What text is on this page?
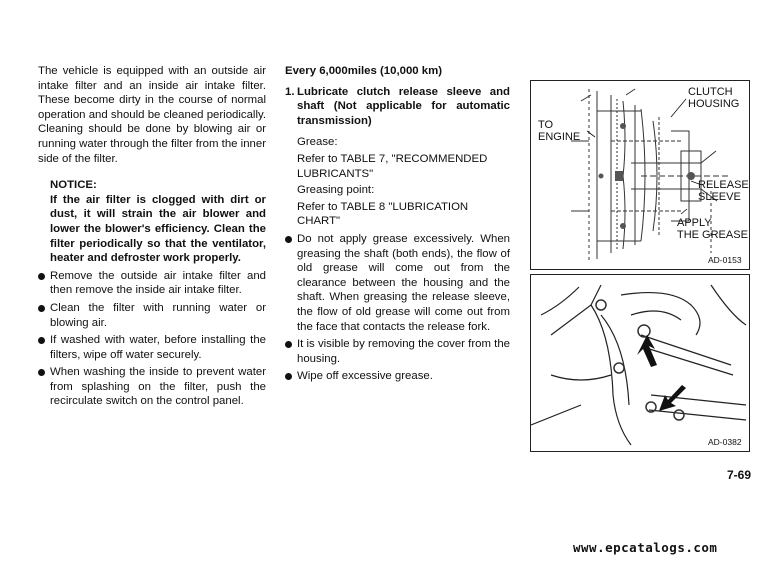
The vehicle is equipped with an outside air intake filter and an inside air intake filter. These become dirty in the course of normal operation and should be cleaned periodically. Cleaning should be done by blowing air or running water through the filter from the inner side of the filter.

NOTICE:

If the air filter is clogged with dirt or dust, it will strain the air blower and lower the blower's efficiency. Clean the filter periodically so that the ventilator, heater and defroster work properly.

Remove the outside air intake filter and then remove the inside air intake filter.
Clean the filter with running water or blowing air.
If washed with water, before installing the filters, wipe off water securely.
When washing the inside to prevent water from splashing on the filter, push the recirculate switch on the control panel.

Every 6,000miles (10,000 km)

1. Lubricate clutch release sleeve and shaft (Not applicable for automatic transmission)

Grease:

Refer to TABLE 7, "RECOMMENDED LUBRICANTS"

Greasing point:

Refer to TABLE 8 "LUBRICATION CHART"

Do not apply grease excessively. When greasing the shaft (both ends), the flow of old grease will come out from the clearance between the housing and the shaft. When greasing the release sleeve, the flow of old grease will come out from the face that contacts the release fork.
It is visible by removing the cover from the housing.
Wipe off excessive grease.
CLUTCH
HOUSING
TO
ENGINE
RELEASE
SLEEVE
APPLY
THE GREASE
AD-0153
AD-0382
7-69
www.epcatalogs.com
